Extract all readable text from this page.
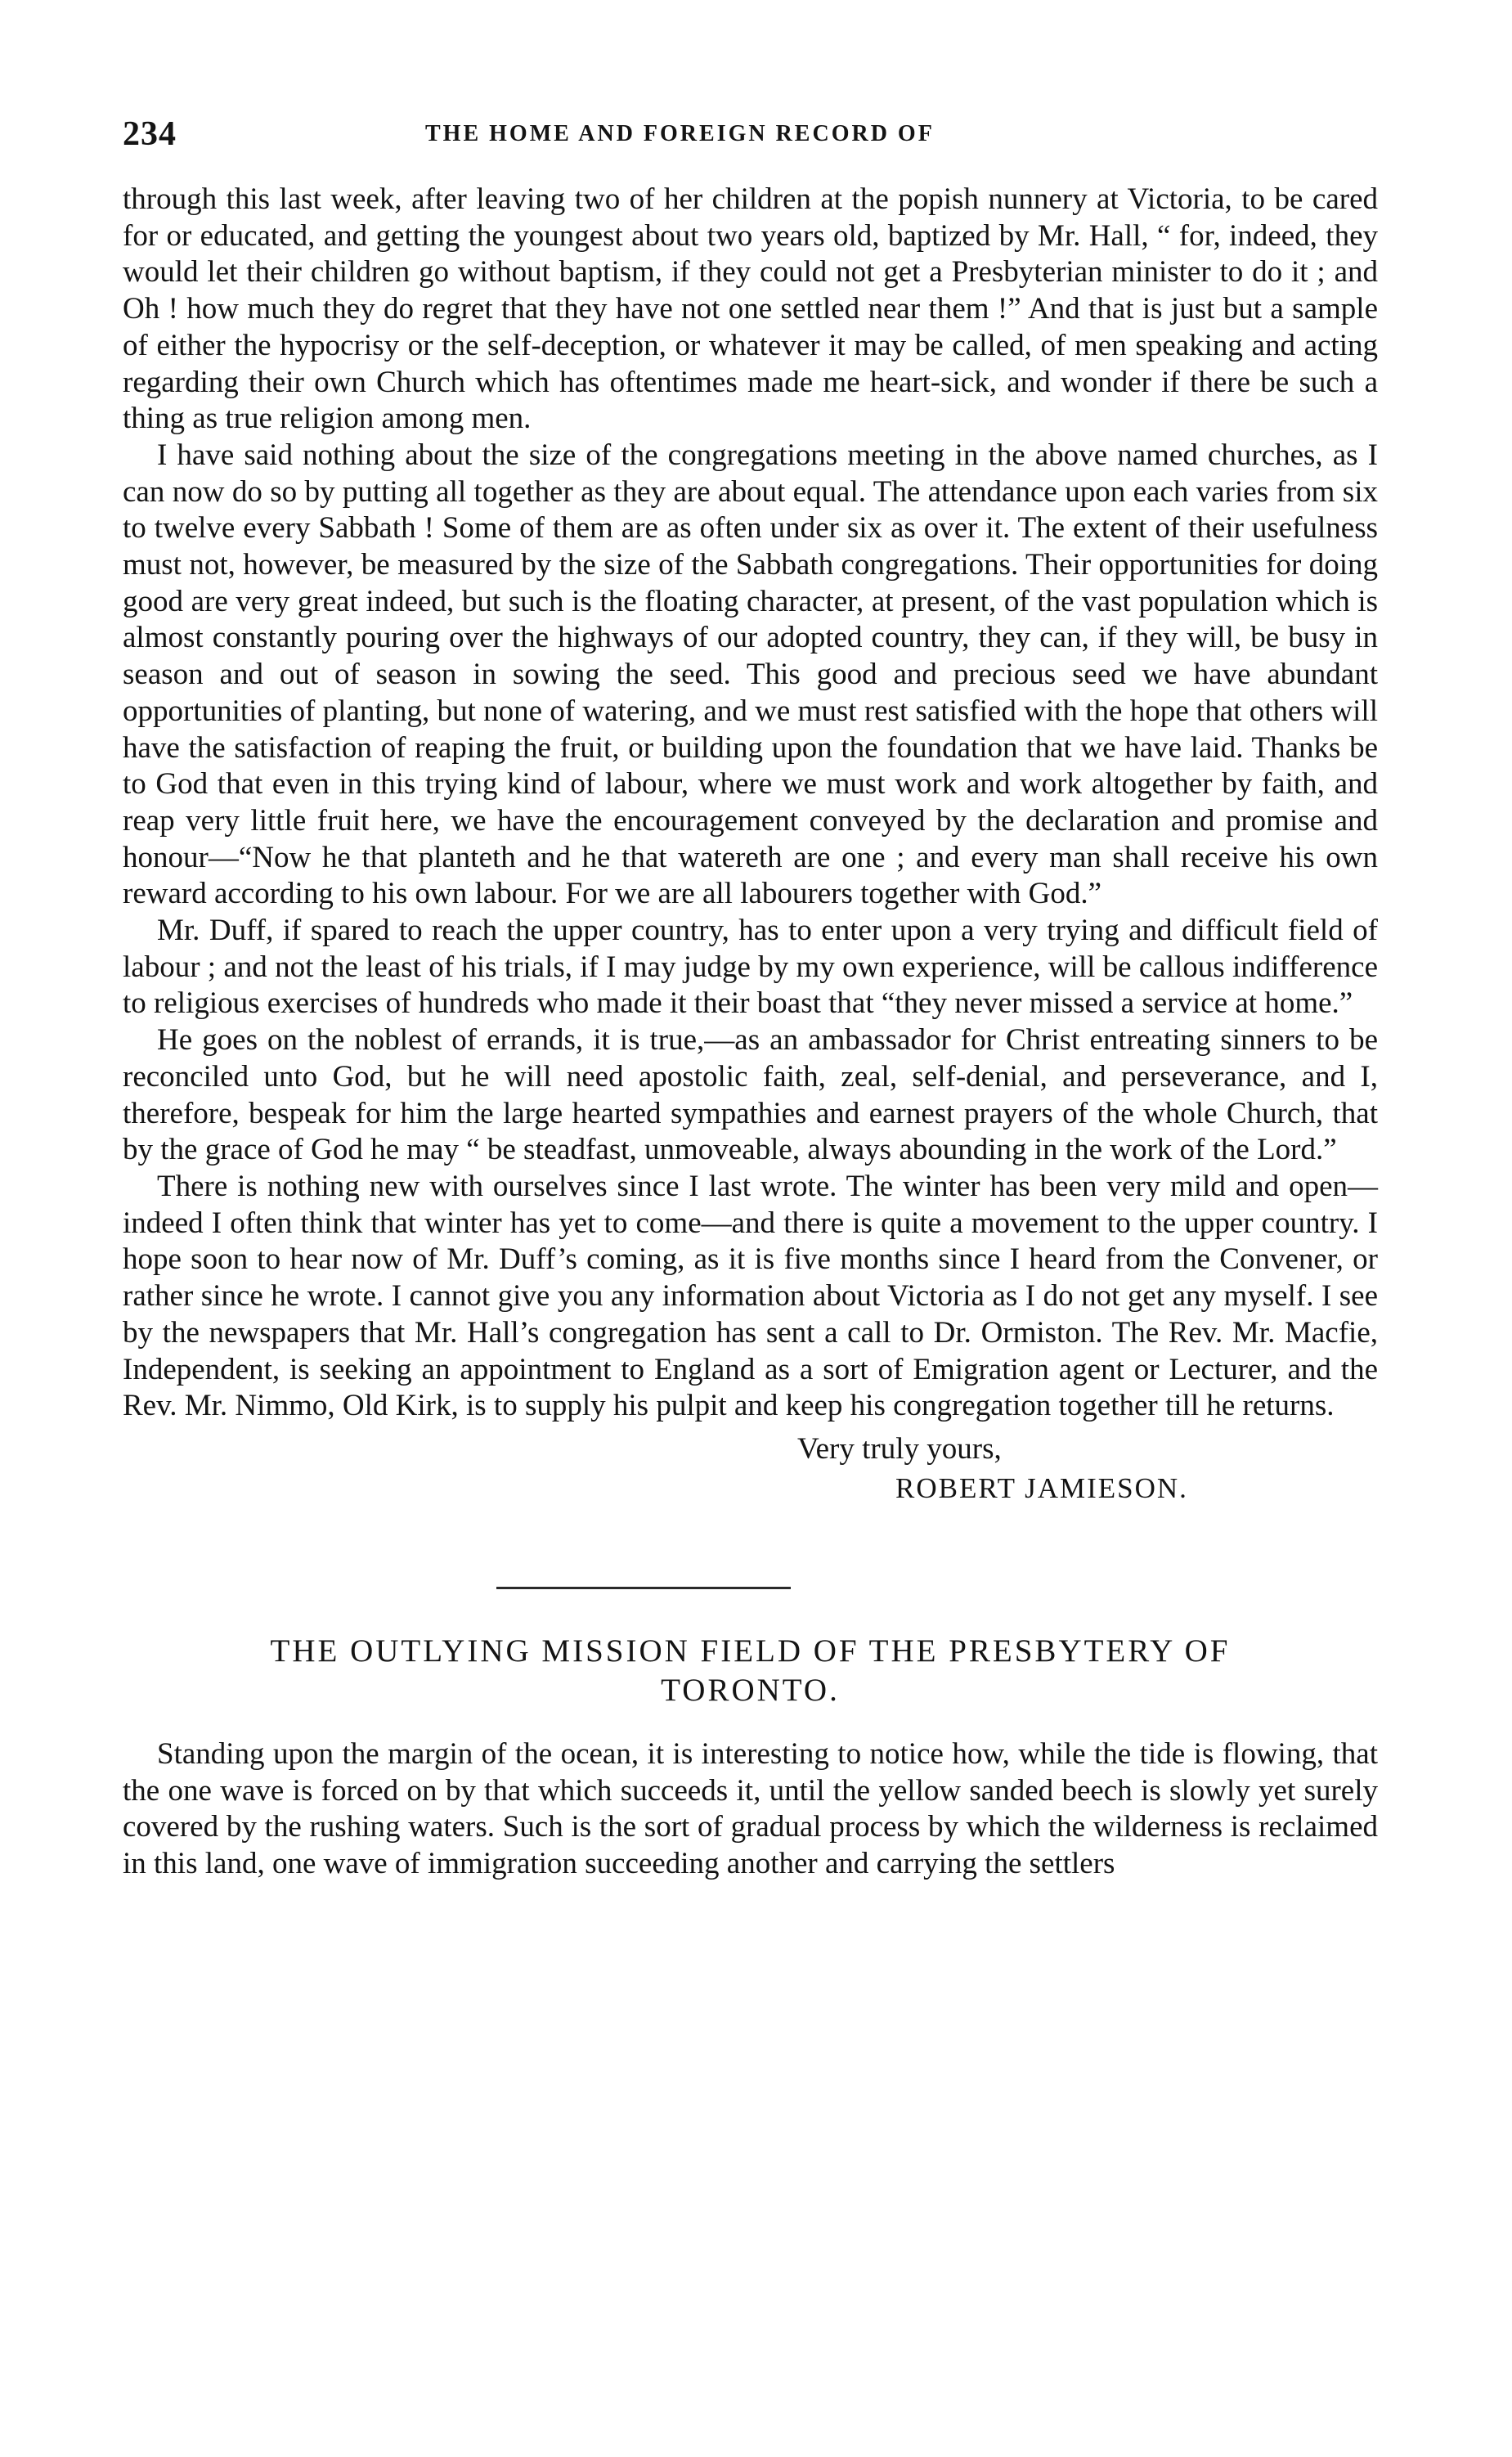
234	THE HOME AND FOREIGN RECORD OF

through this last week, after leaving two of her children at the popish nunnery at Victoria, to be cared for or educated, and getting the youngest about two years old, baptized by Mr. Hall, “ for, indeed, they would let their children go without baptism, if they could not get a Presbyterian minister to do it ; and Oh ! how much they do regret that they have not one settled near them !” And that is just but a sample of either the hypocrisy or the self-deception, or whatever it may be called, of men speaking and acting regarding their own Church which has oftentimes made me heart-sick, and wonder if there be such a thing as true religion among men.

I have said nothing about the size of the congregations meeting in the above named churches, as I can now do so by putting all together as they are about equal. The attendance upon each varies from six to twelve every Sabbath ! Some of them are as often under six as over it. The extent of their usefulness must not, however, be measured by the size of the Sabbath congregations. Their opportunities for doing good are very great indeed, but such is the floating character, at present, of the vast population which is almost constantly pouring over the highways of our adopted country, they can, if they will, be busy in season and out of season in sowing the seed. This good and precious seed we have abundant opportunities of planting, but none of watering, and we must rest satisfied with the hope that others will have the satisfaction of reaping the fruit, or building upon the foundation that we have laid. Thanks be to God that even in this trying kind of labour, where we must work and work altogether by faith, and reap very little fruit here, we have the encouragement conveyed by the declaration and promise and honour—“Now he that planteth and he that watereth are one ; and every man shall receive his own reward according to his own labour. For we are all labourers together with God.”

Mr. Duff, if spared to reach the upper country, has to enter upon a very trying and difficult field of labour ; and not the least of his trials, if I may judge by my own experience, will be callous indifference to religious exercises of hundreds who made it their boast that “they never missed a service at home.”

He goes on the noblest of errands, it is true,—as an ambassador for Christ entreating sinners to be reconciled unto God, but he will need apostolic faith, zeal, self-denial, and perseverance, and I, therefore, bespeak for him the large hearted sympathies and earnest prayers of the whole Church, that by the grace of God he may “ be steadfast, unmoveable, always abounding in the work of the Lord.”

There is nothing new with ourselves since I last wrote. The winter has been very mild and open—indeed I often think that winter has yet to come—and there is quite a movement to the upper country. I hope soon to hear now of Mr. Duff’s coming, as it is five months since I heard from the Convener, or rather since he wrote. I cannot give you any information about Victoria as I do not get any myself. I see by the newspapers that Mr. Hall’s congregation has sent a call to Dr. Ormiston. The Rev. Mr. Macfie, Independent, is seeking an appointment to England as a sort of Emigration agent or Lecturer, and the Rev. Mr. Nimmo, Old Kirk, is to supply his pulpit and keep his congregation together till he returns.

Very truly yours,
ROBERT JAMIESON.
THE OUTLYING MISSION FIELD OF THE PRESBYTERY OF
TORONTO.

Standing upon the margin of the ocean, it is interesting to notice how, while the tide is flowing, that the one wave is forced on by that which succeeds it, until the yellow sanded beech is slowly yet surely covered by the rushing waters. Such is the sort of gradual process by which the wilderness is reclaimed in this land, one wave of immigration succeeding another and carrying the settlers
